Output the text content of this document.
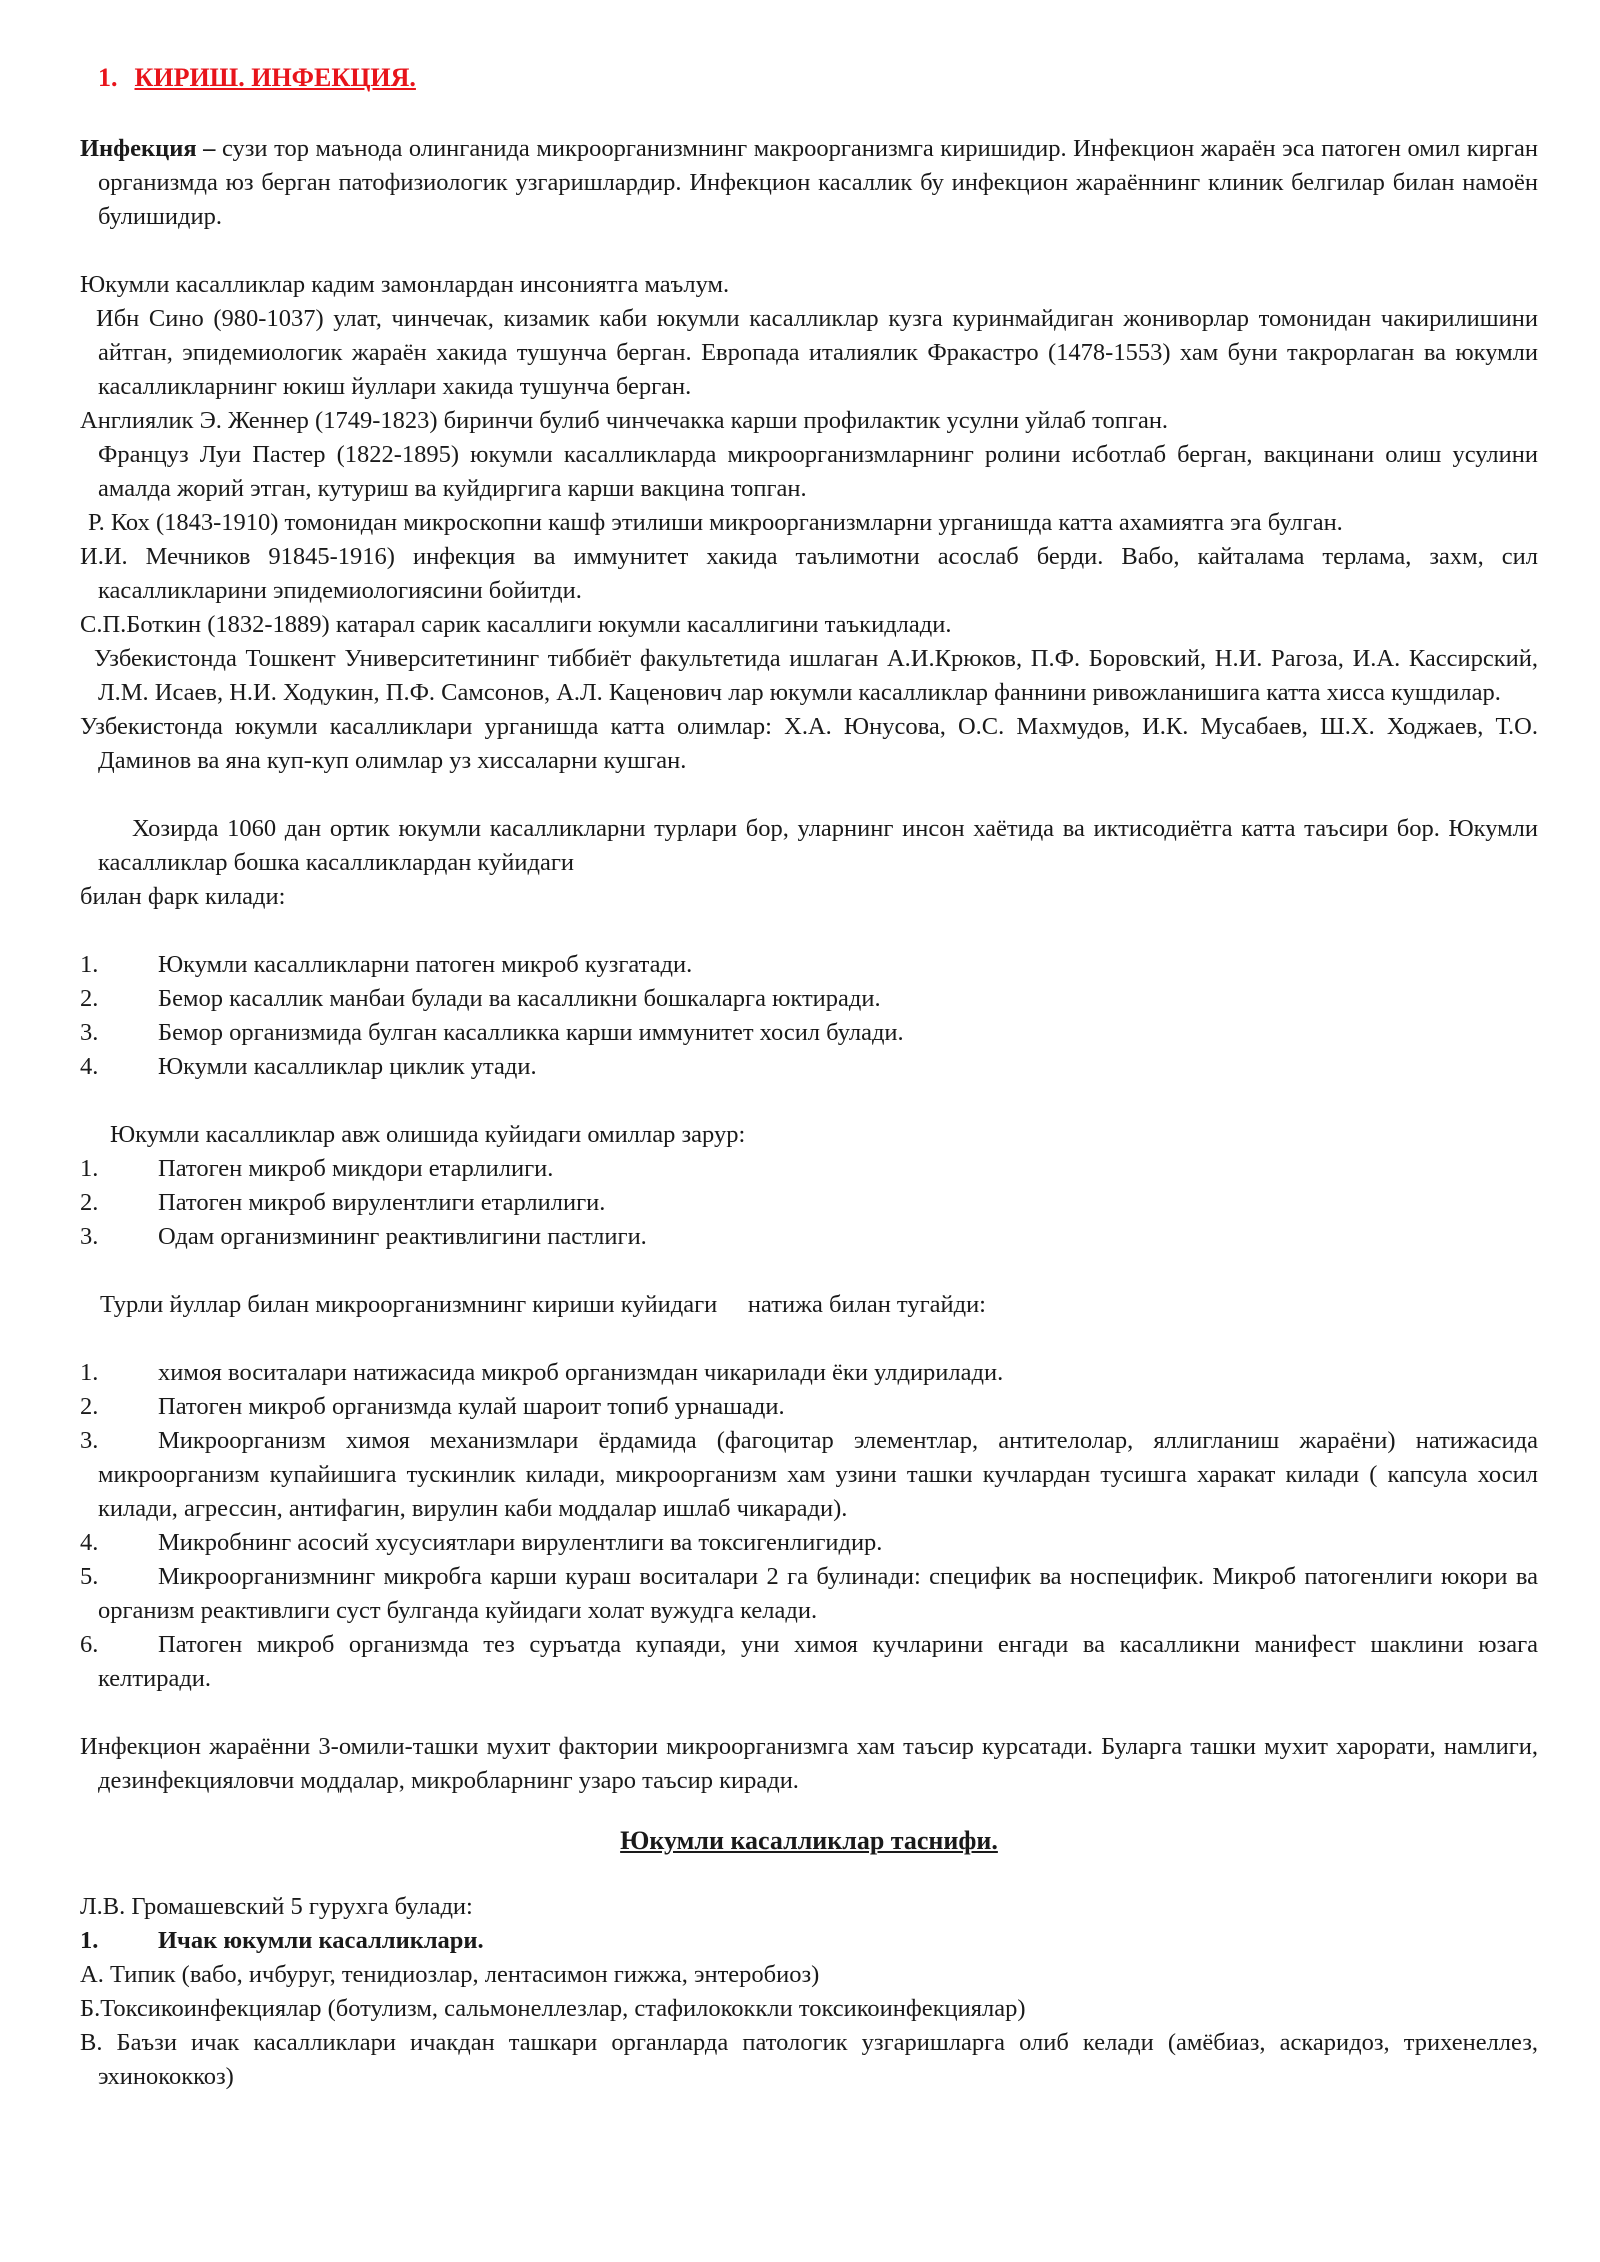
1. КИРИШ. ИНФЕКЦИЯ.

Инфекция – сузи тор маънода олинганида микроорганизмнинг макроорганизмга киришидир. Инфекцион жараён эса патоген омил кирган организмда юз берган патофизиологик узгаришлардир. Инфекцион касаллик бу инфекцион жараённинг клиник белгилар билан намоён булишидир.

Юкумли касалликлар кадим замонлардан инсониятга маълум.

Ибн Сино (980-1037) улат, чинчечак, кизамик каби юкумли касалликлар кузга куринмайдиган жониворлар томонидан чакирилишини айтган, эпидемиологик жараён хакида тушунча берган. Европада италиялик Фракастро (1478-1553) хам буни такрорлаган ва юкумли касалликларнинг юкиш йуллари хакида тушунча берган.

Англиялик Э. Женнер (1749-1823) биринчи булиб чинчечакка карши профилактик усулни уйлаб топган.

Француз Луи Пастер (1822-1895) юкумли касалликларда микроорганизмларнинг ролини исботлаб берган, вакцинани олиш усулини амалда жорий этган, кутуриш ва куйдиргига карши вакцина топган.

Р. Кох (1843-1910) томонидан микроскопни кашф этилиши микроорганизмларни урганишда катта ахамиятга эга булган.

И.И. Мечников 91845-1916) инфекция ва иммунитет хакида таълимотни асослаб берди. Вабо, кайталама терлама, захм, сил касалликларини эпидемиологиясини бойитди.

С.П.Боткин (1832-1889) катарал сарик касаллиги юкумли касаллигини таъкидлади.

Узбекистонда Тошкент Университетининг тиббиёт факультетида ишлаган А.И.Крюков, П.Ф. Боровский, Н.И. Рагоза, И.А. Кассирский, Л.М. Исаев, Н.И. Ходукин, П.Ф. Самсонов, А.Л. Каценович лар юкумли касалликлар фаннини ривожланишига катта хисса кушдилар.

Узбекистонда юкумли касалликлари урганишда катта олимлар: Х.А. Юнусова, О.С. Махмудов, И.К. Мусабаев, Ш.Х. Ходжаев, Т.О. Даминов ва яна куп-куп олимлар уз хиссаларни кушган.

Хозирда 1060 дан ортик юкумли касалликларни турлари бор, уларнинг инсон хаётида ва иктисодиётга катта таъсири бор. Юкумли касалликлар бошка касалликлардан куйидаги

билан фарк килади:

1.	Юкумли касалликларни патоген микроб кузгатади.
2.	Бемор касаллик манбаи булади ва касалликни бошкаларга юктиради.
3.	Бемор организмида булган касалликка карши иммунитет хосил булади.
4.	Юкумли касалликлар циклик утади.

Юкумли касалликлар авж олишида куйидаги омиллар зарур:

1.	Патоген микроб микдори етарлилиги.
2.	Патоген микроб вирулентлиги етарлилиги.
3.	Одам организмининг реактивлигини пастлиги.

Турли йуллар билан микроорганизмнинг кириши куйидаги     натижа билан тугайди:

1.	химоя воситалари натижасида микроб организмдан чикарилади ёки улдирилади.
2.	Патоген микроб организмда кулай шароит топиб урнашади.
3. Микроорганизм химоя механизмлари ёрдамида (фагоцитар элементлар, антителолар, яллигланиш жараёни) натижасида микроорганизм купайишига тускинлик килади, микроорганизм хам узини ташки кучлардан тусишга харакат килади ( капсула хосил килади, агрессин, антифагин, вирулин каби моддалар ишлаб чикаради).
4.	Микробнинг асосий хусусиятлари вирулентлиги ва токсигенлигидир.
5. Микроорганизмнинг микробга карши кураш воситалари 2 га булинади: специфик ва носпецифик. Микроб патогенлиги юкори ва организм реактивлиги суст булганда куйидаги холат вужудга келади.
6. Патоген микроб организмда тез суръатда купаяди, уни химоя кучларини енгади ва касалликни манифест шаклини юзага келтиради.

Инфекцион жараённи 3-омили-ташки мухит фактории микроорганизмга хам таъсир курсатади. Буларга ташки мухит харорати, намлиги, дезинфекцияловчи моддалар, микробларнинг узаро таъсир киради.

Юкумли касалликлар таснифи.

Л.В. Громашевский 5 гурухга булади:

1.	Ичак юкумли касалликлари.

А. Типик (вабо, ичбуруг, тенидиозлар, лентасимон гижжа, энтеробиоз)

Б.Токсикоинфекциялар (ботулизм, сальмонеллезлар, стафилококкли токсикоинфекциялар)

В. Баъзи ичак касалликлари ичакдан ташкари органларда патологик узгаришларга олиб келади (амёбиаз, аскаридоз, трихенеллез, эхинококкоз)
